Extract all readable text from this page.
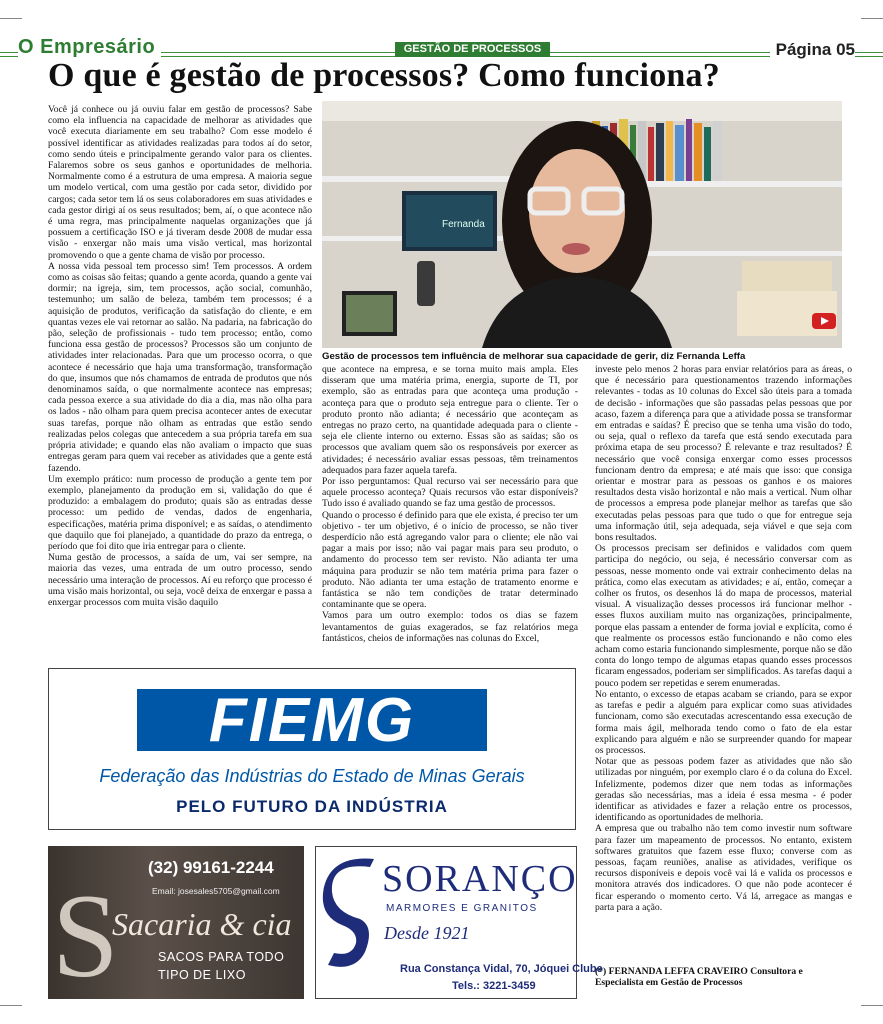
O Empresário	GESTÃO DE PROCESSOS	Página 05
O que é gestão de processos? Como funciona?

Você já conhece ou já ouviu falar em gestão de processos? Sabe como ela influencia na capacidade de melhorar as atividades que você executa diariamente em seu trabalho? Com esse modelo é possível identificar as atividades realizadas para todos aí do setor, como sendo úteis e principalmente gerando valor para os clientes. Falaremos sobre os seus ganhos e oportunidades de melhoria. Normalmente como é a estrutura de uma empresa. A maioria segue um modelo vertical, com uma gestão por cada setor, dividido por cargos; cada setor tem lá os seus colaboradores em suas atividades e cada gestor dirigi aí os seus resultados; bem, aí, o que acontece não é uma regra, mas principalmente naquelas organizações que já possuem a certificação ISO e já tiveram desde 2008 de mudar essa visão - enxergar não mais uma visão vertical, mas horizontal promovendo o que a gente chama de visão por processo.

A nossa vida pessoal tem processo sim! Tem processos. A ordem como as coisas são feitas; quando a gente acorda, quando a gente vai dormir; na igreja, sim, tem processos, ação social, comunhão, testemunho; um salão de beleza, também tem processos; é a aquisição de produtos, verificação da satisfação do cliente, e em quantas vezes ele vai retornar ao salão. Na padaria, na fabricação do pão, seleção de profissionais - tudo tem processo; então, como funciona essa gestão de processos? Processos são um conjunto de atividades inter relacionadas. Para que um processo ocorra, o que acontece é necessário que haja uma transformação, transformação do que, insumos que nós chamamos de entrada de produtos que nós denominamos saída, o que normalmente acontece nas empresas; cada pessoa exerce a sua atividade do dia a dia, mas não olha para os lados - não olham para quem precisa acontecer antes de executar suas tarefas, porque não olham as entradas que estão sendo realizadas pelos colegas que antecedem a sua própria tarefa em sua própria atividade; e quando elas não avaliam o impacto que suas entregas geram para quem vai receber as atividades que a gente está fazendo.

Um exemplo prático: num processo de produção a gente tem por exemplo, planejamento da produção em si, validação do que é produzido: a embalagem do produto; quais são as entradas desse processo: um pedido de vendas, dados de engenharia, especificações, matéria prima disponível; e as saídas, o atendimento que daquilo que foi planejado, a quantidade do prazo da entrega, o período que foi dito que iria entregar para o cliente.

Numa gestão de processos, a saída de um, vai ser sempre, na maioria das vezes, uma entrada de um outro processo, sendo necessário uma interação de processos. Aí eu reforço que processo é uma visão mais horizontal, ou seja, você deixa de enxergar e passa a enxergar processos com muita visão daquilo

Fernanda
Gestão de processos tem influência de melhorar sua capacidade de gerir, diz Fernanda Leffa

que acontece na empresa, e se torna muito mais ampla. Eles disseram que uma matéria prima, energia, suporte de TI, por exemplo, são as entradas para que aconteça uma produção - aconteça para que o produto seja entregue para o cliente. Ter o produto pronto não adianta; é necessário que aconteçam as entregas no prazo certo, na quantidade adequada para o cliente - seja ele cliente interno ou externo. Essas são as saídas; são os processos que avaliam quem são os responsáveis por exercer as atividades; é necessário avaliar essas pessoas, têm treinamentos adequados para fazer aquela tarefa.

Por isso perguntamos: Qual recurso vai ser necessário para que aquele processo aconteça? Quais recursos vão estar disponíveis? Tudo isso é avaliado quando se faz uma gestão de processos.

Quando o processo é definido para que ele exista, é preciso ter um objetivo - ter um objetivo, é o início de processo, se não tiver desperdício não está agregando valor para o cliente; ele não vai pagar a mais por isso; não vai pagar mais para seu produto, o andamento do processo tem ser revisto. Não adianta ter uma máquina para produzir se não tem matéria prima para fazer o produto. Não adianta ter uma estação de tratamento enorme e fantástica se não tem condições de tratar determinado contaminante que se opera.

Vamos para um outro exemplo: todos os dias se fazem levantamentos de guias exagerados, se faz relatórios mega fantásticos, cheios de informações nas colunas do Excel,

investe pelo menos 2 horas para enviar relatórios para as áreas, o que é necessário para questionamentos trazendo informações relevantes - todas as 10 colunas do Excel são úteis para a tomada de decisão - informações que são passadas pelas pessoas que por acaso, fazem a diferença para que a atividade possa se transformar em entradas e saídas? É preciso que se tenha uma visão do todo, ou seja, qual o reflexo da tarefa que está sendo executada para próxima etapa de seu processo? É relevante e traz resultados? É necessário que você consiga enxergar como esses processos funcionam dentro da empresa; e até mais que isso: que consiga orientar e mostrar para as pessoas os ganhos e os maiores resultados desta visão horizontal e não mais a vertical. Num olhar de processos a empresa pode planejar melhor as tarefas que são executadas pelas pessoas para que tudo o que for entregue seja uma informação útil, seja adequada, seja viável e que seja com bons resultados.

Os processos precisam ser definidos e validados com quem participa do negócio, ou seja, é necessário conversar com as pessoas, nesse momento onde vai extrair conhecimento delas na prática, como elas executam as atividades; e aí, então, começar a colher os frutos, os desenhos lá do mapa de processos, material visual. A visualização desses processos irá funcionar melhor - esses fluxos auxiliam muito nas organizações, principalmente, porque elas passam a entender de forma jovial e explícita, como é que realmente os processos estão funcionando e não como eles acham como estaria funcionando simplesmente, porque não se dão conta do longo tempo de algumas etapas quando esses processos ficaram engessados, poderiam ser simplificados. As tarefas daqui a pouco podem ser repetidas e serem enumeradas.

No entanto, o excesso de etapas acabam se criando, para se expor as tarefas e pedir a alguém para explicar como suas atividades funcionam, como são executadas acrescentando essa execução de forma mais ágil, melhorada tendo como o fato de ela estar explicando para alguém e não se surpreender quando for mapear os processos.

Notar que as pessoas podem fazer as atividades que não são utilizadas por ninguém, por exemplo claro é o da coluna do Excel. Infelizmente, podemos dizer que nem todas as informações geradas são necessárias, mas a ideia é essa mesma - é poder identificar as atividades e fazer a relação entre os processos, identificando as oportunidades de melhoria.

A empresa que ou trabalho não tem como investir num software para fazer um mapeamento de processos. No entanto, existem softwares gratuitos que fazem esse fluxo; converse com as pessoas, façam reuniões, analise as atividades, verifique os recursos disponíveis e depois você vai lá e valida os processos e monitora através dos indicadores. O que não pode acontecer é ficar esperando o momento certo. Vá lá, arregace as mangas e parta para a ação.

(*) FERNANDA LEFFA CRAVEIRO Consultora e Especialista em Gestão de Processos
FIEMG
Federação das Indústrias do Estado de Minas Gerais
PELO FUTURO DA INDÚSTRIA
S
(32) 99161-2244
Email: josesales5705@gmail.com
Sacaria & cia
SACOS PARA TODO
TIPO DE LIXO
SORANÇO
MARMORES E GRANITOS
Desde 1921
Rua Constança Vidal, 70, Jóquei Clube
Tels.: 3221-3459
